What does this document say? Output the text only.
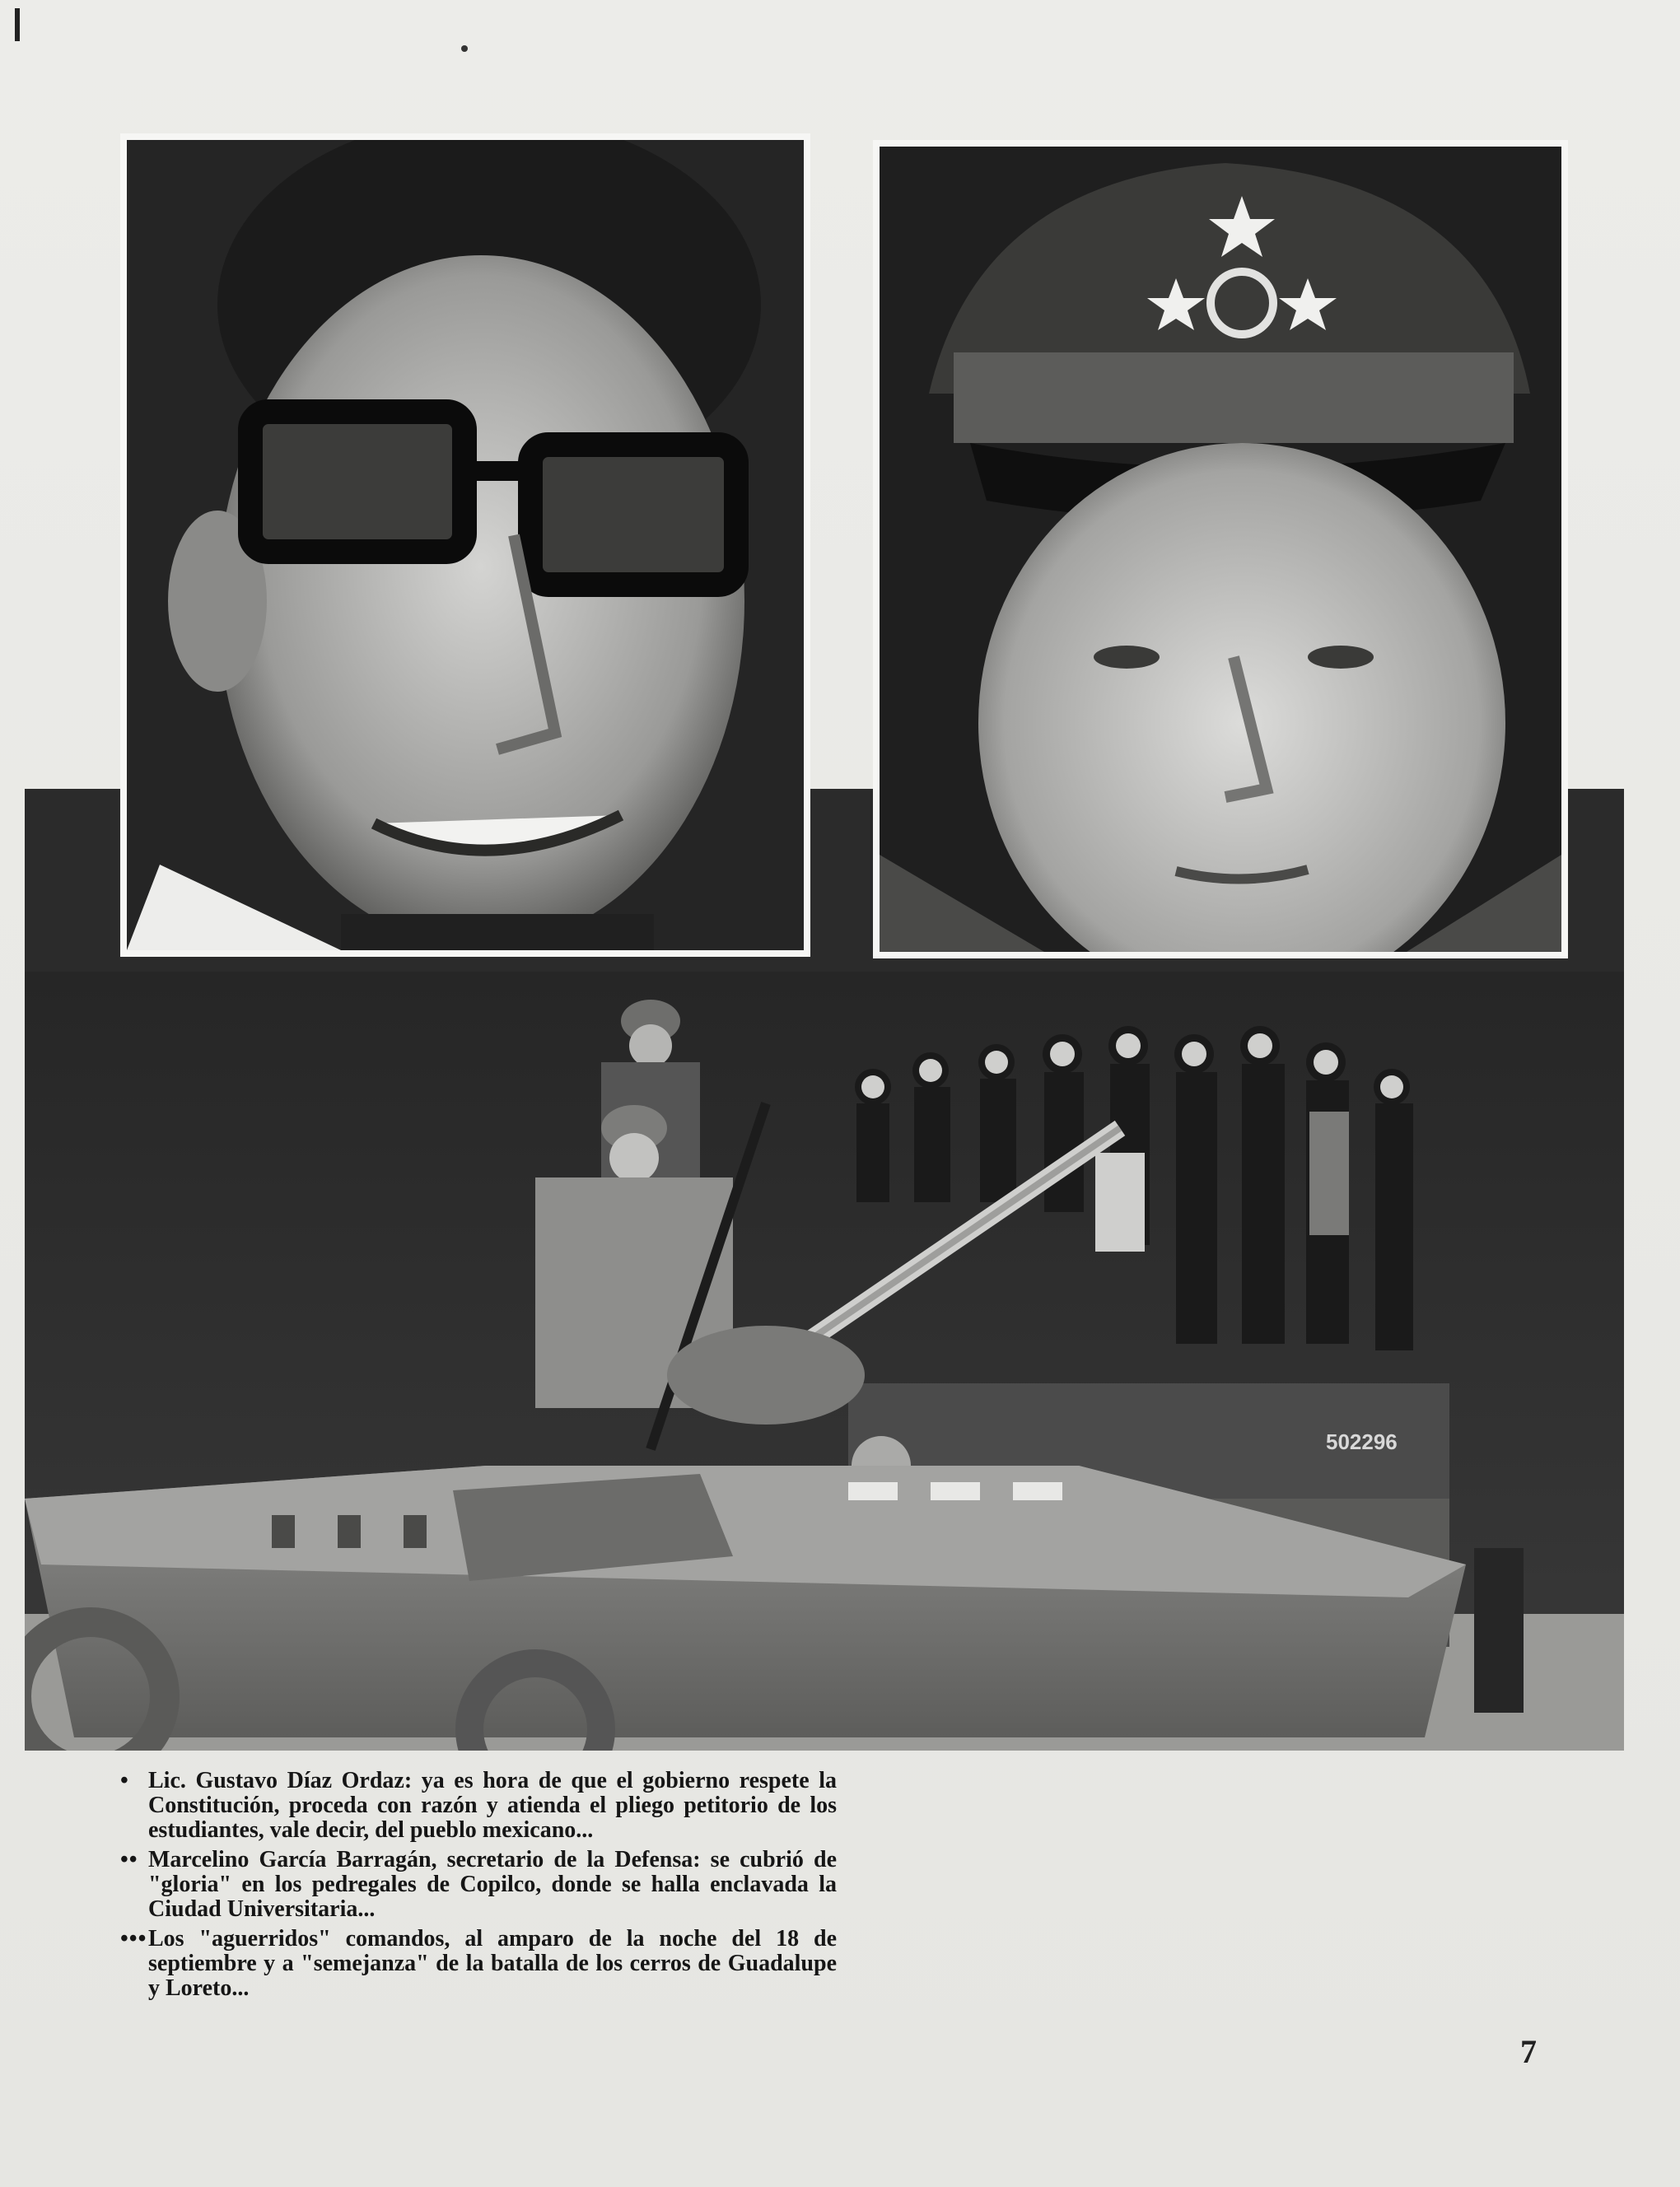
502296
• Lic. Gustavo Díaz Ordaz: ya es hora de que el gobierno respete la Constitución, proceda con razón y atienda el pliego petitorio de los estudiantes, vale decir, del pueblo mexicano...
•• Marcelino García Barragán, secretario de la Defensa: se cubrió de "gloria" en los pedregales de Copilco, donde se halla enclavada la Ciudad Universitaria...
••• Los "aguerridos" comandos, al amparo de la noche del 18 de septiembre y a "semejanza" de la batalla de los cerros de Guadalupe y Loreto...
7
